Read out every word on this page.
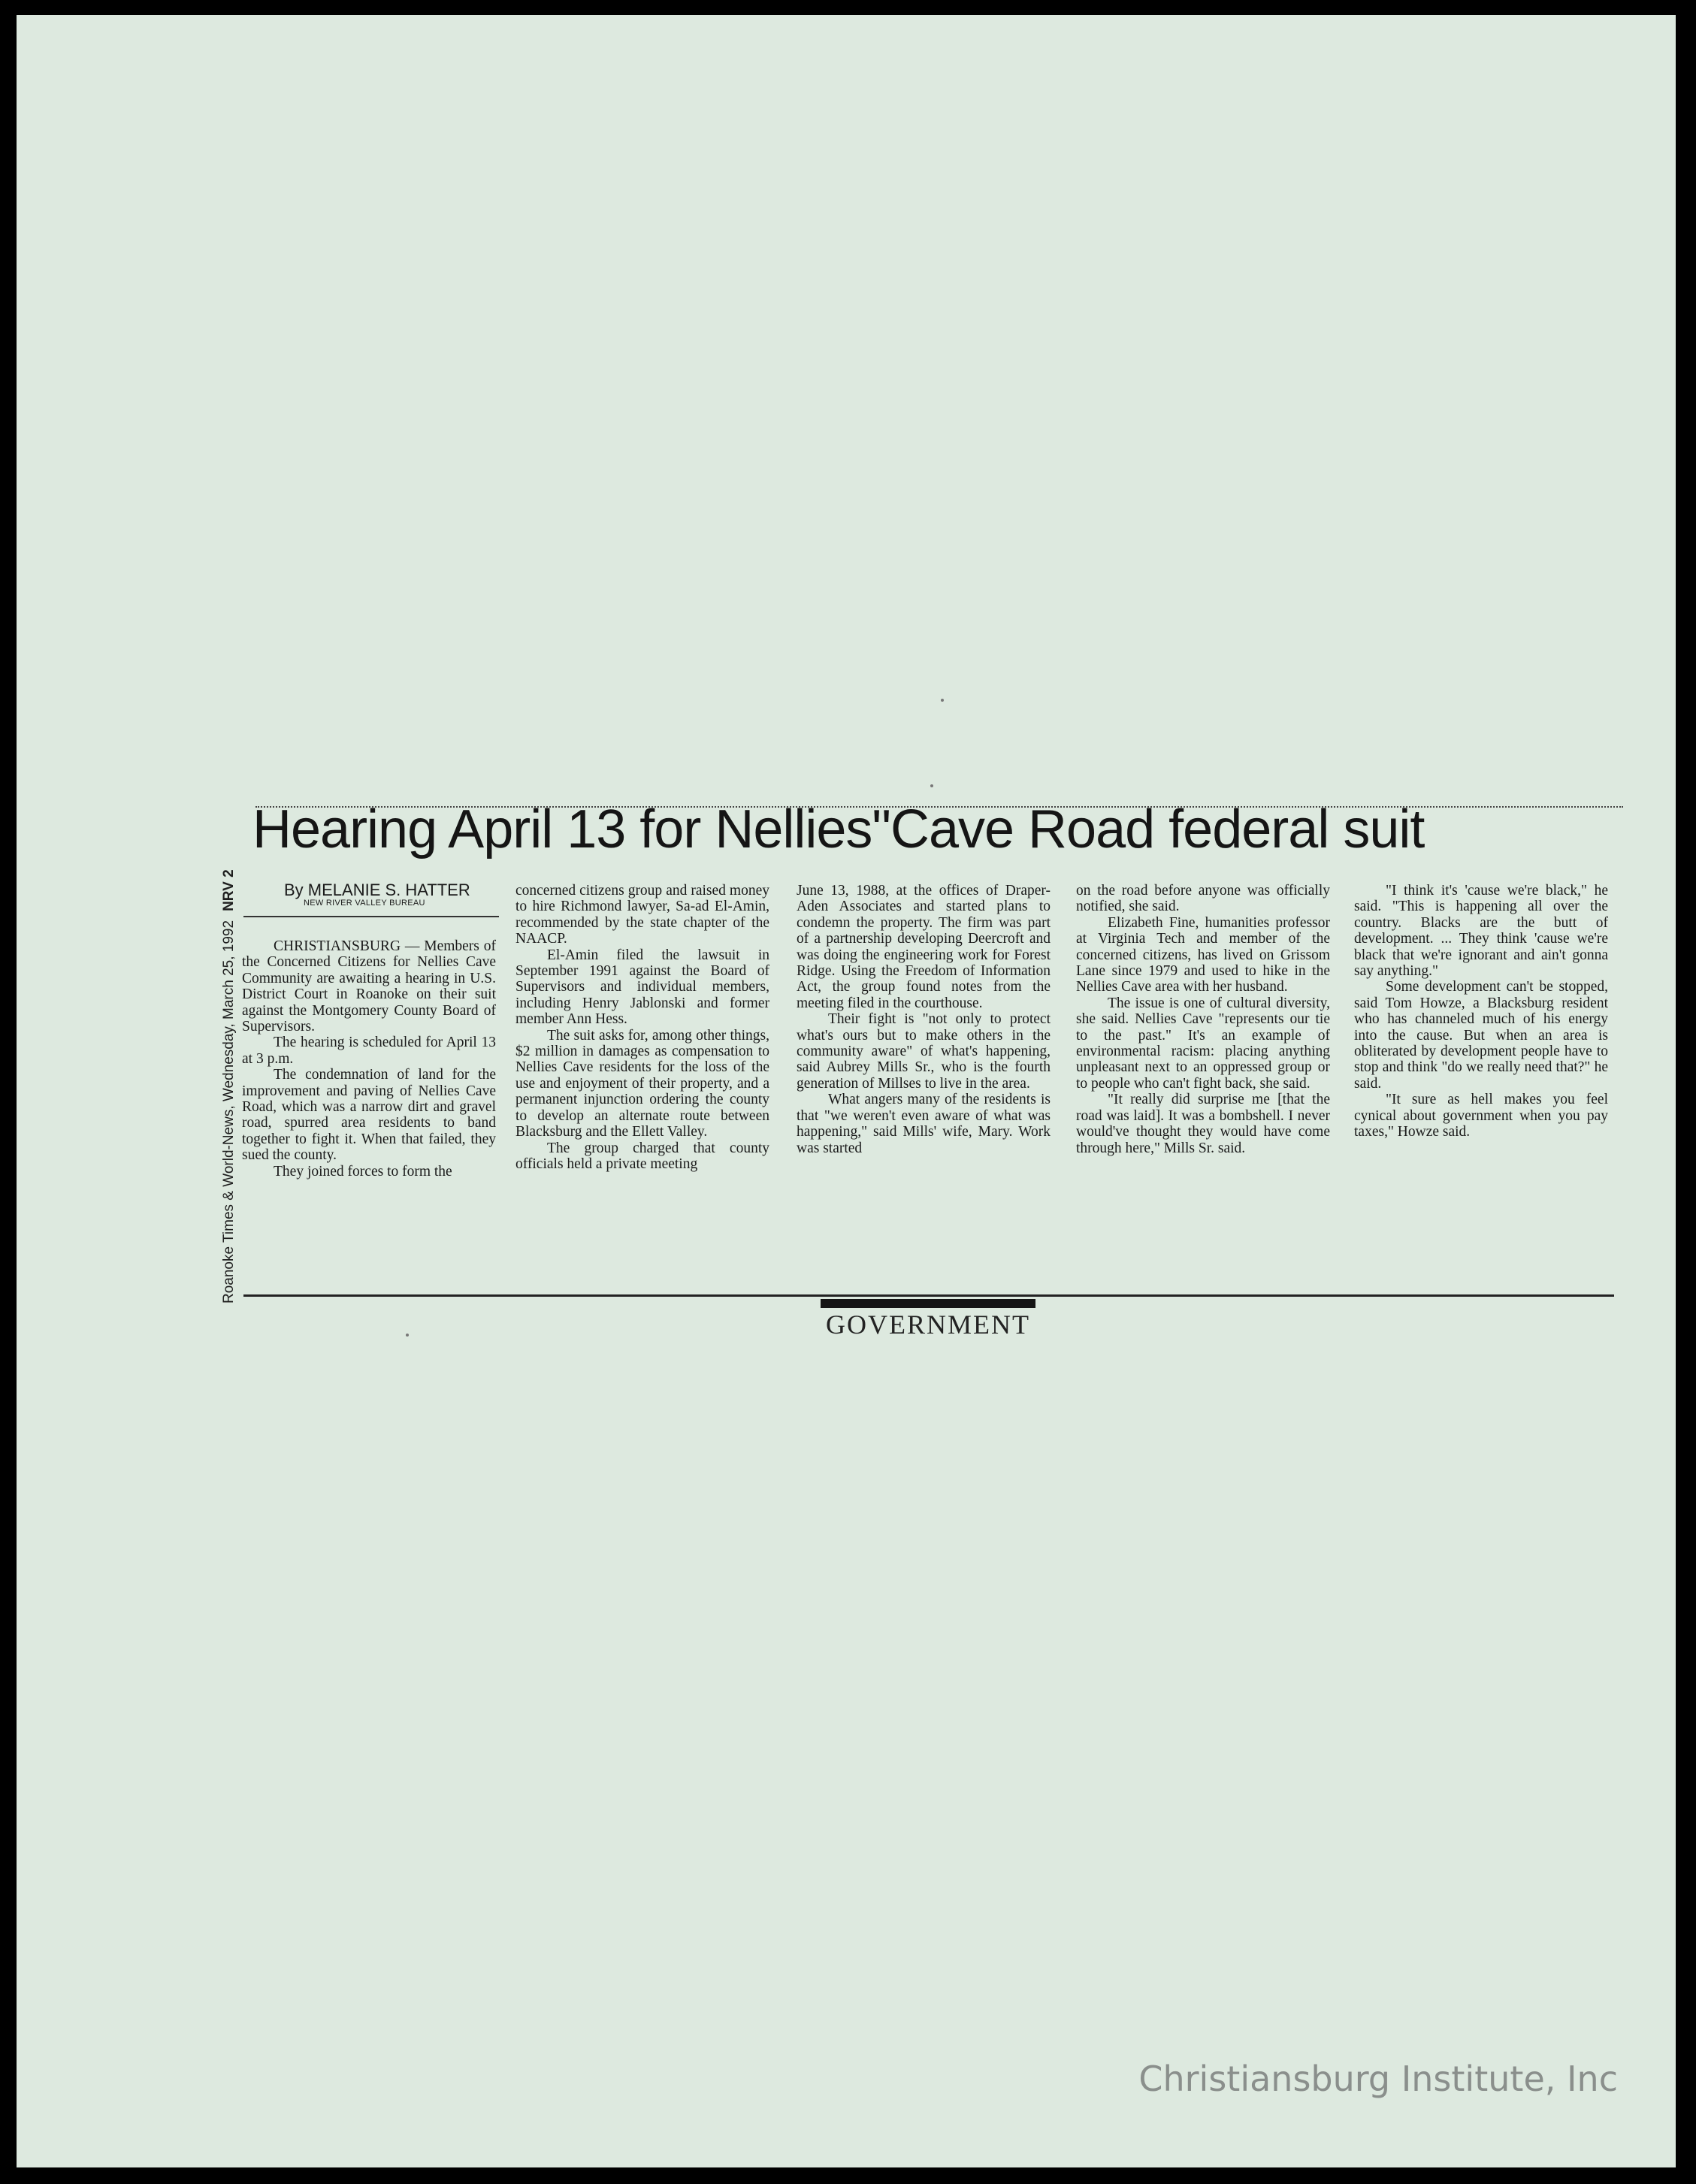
Roanoke Times & World-News, Wednesday, March 25, 1992NRV 2
Hearing April 13 for Nellies"Cave Road federal suit
By MELANIE S. HATTER
NEW RIVER VALLEY BUREAU

CHRISTIANSBURG — Members of the Concerned Citizens for Nellies Cave Community are awaiting a hearing in U.S. District Court in Roanoke on their suit against the Montgomery County Board of Supervisors.

The hearing is scheduled for April 13 at 3 p.m.

The condemnation of land for the improvement and paving of Nellies Cave Road, which was a narrow dirt and gravel road, spurred area residents to band together to fight it. When that failed, they sued the county.

They joined forces to form the

concerned citizens group and raised money to hire Richmond lawyer, Sa-ad El-Amin, recommended by the state chapter of the NAACP.

El-Amin filed the lawsuit in September 1991 against the Board of Supervisors and individual members, including Henry Jablonski and former member Ann Hess.

The suit asks for, among other things, $2 million in damages as compensation to Nellies Cave residents for the loss of the use and enjoyment of their property, and a permanent injunction ordering the county to develop an alternate route between Blacksburg and the Ellett Valley.

The group charged that county officials held a private meeting

June 13, 1988, at the offices of Draper-Aden Associates and started plans to condemn the property. The firm was part of a partnership developing Deercroft and was doing the engineering work for Forest Ridge. Using the Freedom of Information Act, the group found notes from the meeting filed in the courthouse.

Their fight is "not only to protect what's ours but to make others in the community aware" of what's happening, said Aubrey Mills Sr., who is the fourth generation of Millses to live in the area.

What angers many of the residents is that "we weren't even aware of what was happening," said Mills' wife, Mary. Work was started

on the road before anyone was officially notified, she said.

Elizabeth Fine, humanities professor at Virginia Tech and member of the concerned citizens, has lived on Grissom Lane since 1979 and used to hike in the Nellies Cave area with her husband.

The issue is one of cultural diversity, she said. Nellies Cave "represents our tie to the past." It's an example of environmental racism: placing anything unpleasant next to an oppressed group or to people who can't fight back, she said.

"It really did surprise me [that the road was laid]. It was a bombshell. I never would've thought they would have come through here," Mills Sr. said.

"I think it's 'cause we're black," he said. "This is happening all over the country. Blacks are the butt of development. ... They think 'cause we're black that we're ignorant and ain't gonna say anything."

Some development can't be stopped, said Tom Howze, a Blacksburg resident who has channeled much of his energy into the cause. But when an area is obliterated by development people have to stop and think "do we really need that?" he said.

"It sure as hell makes you feel cynical about government when you pay taxes," Howze said.

GOVERNMENT
Christiansburg Institute, Inc
